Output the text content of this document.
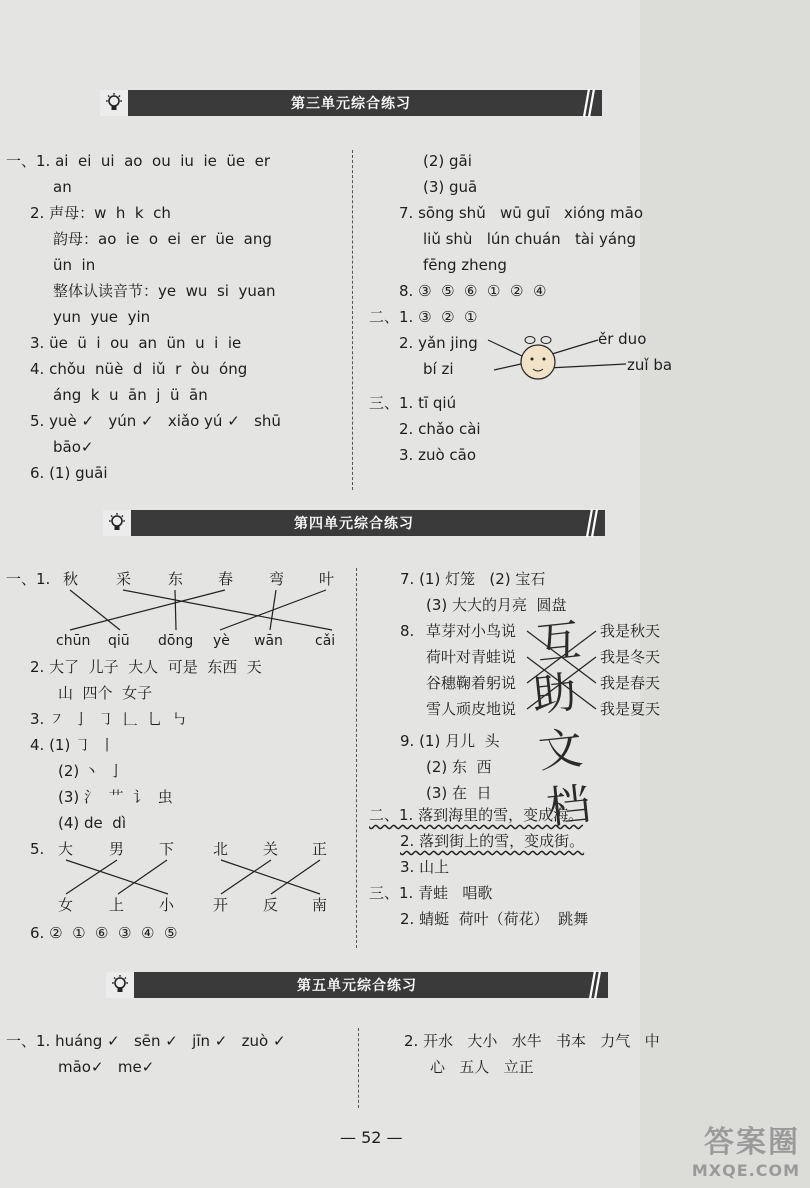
第三单元综合练习
一、1. ai  ei  ui  ao  ou  iu  ie  üe  er
an
2. 声母：w  h  k  ch
韵母：ao  ie  o  ei  er  üe  ang
ün  in
整体认读音节：ye  wu  si  yuan
yun  yue  yin
3. üe  ü  i  ou  an  ün  u  i  ie
4. chǒu  nüè  d  iǔ  r  òu  óng
áng  k  u  ān  j  ü  ān
5. yuè ✓   yún ✓   xiǎo yú ✓   shū
bāo✓
6. (1) guāi
(2) gāi
(3) guā
7. sōng shǔ   wū guī   xióng māo
liǔ shù   lún chuán   tài yáng
fēng zheng
8. ③  ⑤  ⑥  ①  ②  ④
二、1. ③  ②  ①
2. yǎn jing	ěr duo
bí zi	zuǐ ba
三、1. tī qiú
2. chǎo cài
3. zuò cāo
第四单元综合练习
一、1. 秋	采 东 春 弯 叶
chūn qiū dōng yè wān cǎi
2. 大了  儿子  大人  可是  东西  天
山  四个  女子
3. ㇇  亅  ㇆  𠃊  乚  ㇉
4. (1) ㇆  丨
(2) 丶  亅
(3) 氵  艹  讠  虫
(4) de  dì
5. 大 男 下	北 关 正
女 上 小	开 反 南
6. ②  ①  ⑥  ③  ④  ⑤
7. (1) 灯笼   (2) 宝石
(3) 大大的月亮  圆盘
8. 草芽对小鸟说
荷叶对青蛙说
谷穗鞠着躬说
雪人顽皮地说
我是秋天
我是冬天
我是春天
我是夏天
9. (1) 月儿  头
(2) 东  西
(3) 在  日
二、1. 落到海里的雪，变成海。
2. 落到街上的雪，变成街。
3. 山上
三、1. 青蛙   唱歌
2. 蜻蜓  荷叶（荷花）  跳舞
互
助
文
档
第五单元综合练习
一、1. huáng ✓   sēn ✓   jīn ✓   zuò ✓
māo✓   me✓
2. 开水   大小   水牛   书本   力气   中
心   五人   立正
— 52 —	答案圈
MXQE.COM
